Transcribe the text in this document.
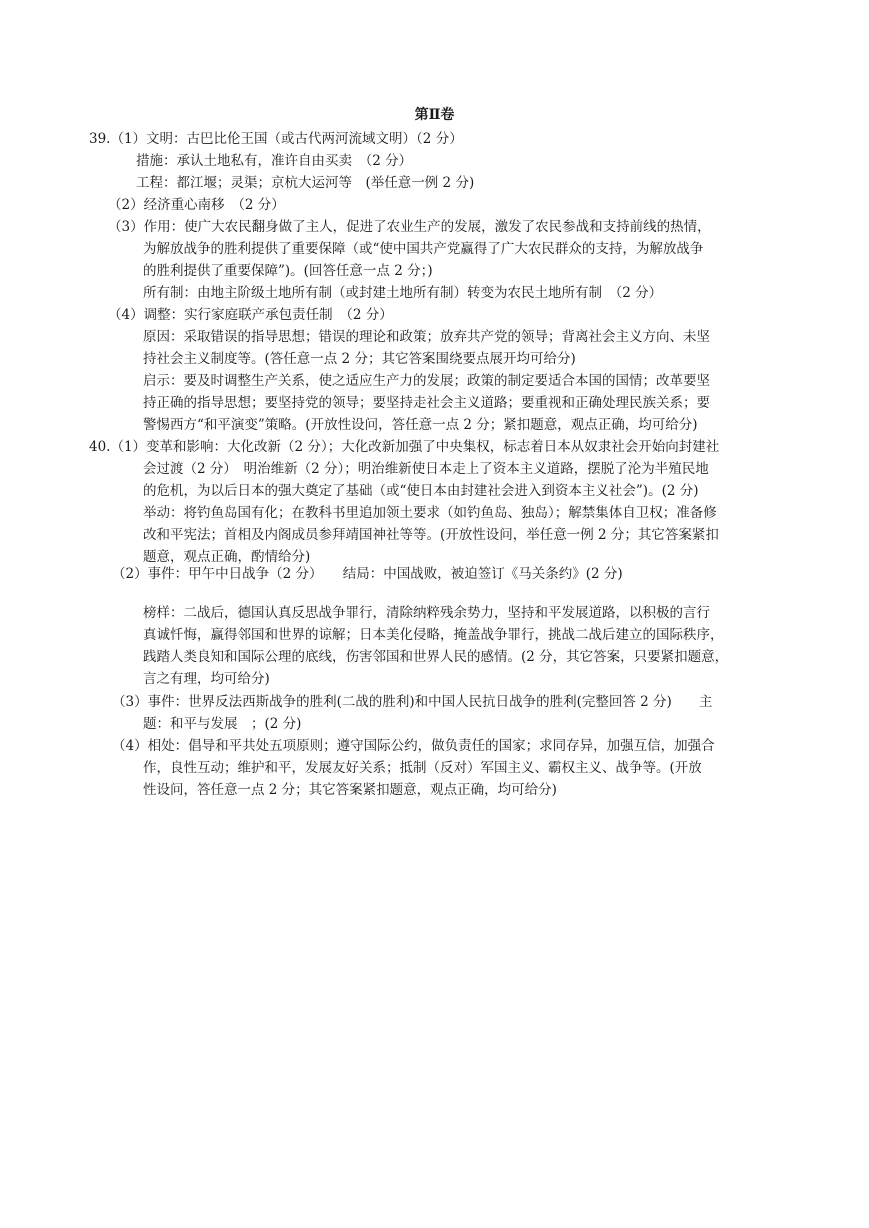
第Ⅱ卷
39.（1）文明：古巴比伦王国（或古代两河流域文明）（2 分）
措施：承认土地私有，准许自由买卖　（2 分）
工程：都江堰；灵渠；京杭大运河等　(举任意一例 2 分)
（2）经济重心南移　（2 分）
（3）作用：使广大农民翻身做了主人，促进了农业生产的发展，激发了农民参战和支持前线的热情，
为解放战争的胜利提供了重要保障（或“使中国共产党赢得了广大农民群众的支持，为解放战争
的胜利提供了重要保障”)。(回答任意一点 2 分；)
所有制：由地主阶级土地所有制（或封建土地所有制）转变为农民土地所有制　（2 分）
（4）调整：实行家庭联产承包责任制　（2 分）
原因：采取错误的指导思想；错误的理论和政策；放弃共产党的领导；背离社会主义方向、未坚
持社会主义制度等。(答任意一点 2 分；其它答案围绕要点展开均可给分)
启示：要及时调整生产关系，使之适应生产力的发展；政策的制定要适合本国的国情；改革要坚
持正确的指导思想；要坚持党的领导；要坚持走社会主义道路；要重视和正确处理民族关系；要
警惕西方“和平演变”策略。(开放性设问，答任意一点 2 分；紧扣题意，观点正确，均可给分)
40.（1）变革和影响：大化改新（2 分）；大化改新加强了中央集权，标志着日本从奴隶社会开始向封建社
会过渡（2 分）　明治维新（2 分）；明治维新使日本走上了资本主义道路，摆脱了沦为半殖民地
的危机，为以后日本的强大奠定了基础（或“使日本由封建社会进入到资本主义社会”)。(2 分)
举动：将钓鱼岛国有化；在教科书里追加领土要求（如钓鱼岛、独岛）；解禁集体自卫权；准备修
改和平宪法；首相及内阁成员参拜靖国神社等等。(开放性设问，举任意一例 2 分；其它答案紧扣
题意，观点正确，酌情给分)
（2）事件：甲午中日战争（2 分）　　结局：中国战败，被迫签订《马关条约》(2 分)
榜样：二战后，德国认真反思战争罪行，清除纳粹残余势力，坚持和平发展道路，以积极的言行
真诚忏悔，赢得邻国和世界的谅解；日本美化侵略，掩盖战争罪行，挑战二战后建立的国际秩序，
践踏人类良知和国际公理的底线，伤害邻国和世界人民的感情。(2 分，其它答案，只要紧扣题意，
言之有理，均可给分)
（3）事件：世界反法西斯战争的胜利(二战的胜利)和中国人民抗日战争的胜利(完整回答 2 分)　　主
题：和平与发展　；(2 分)
（4）相处：倡导和平共处五项原则；遵守国际公约，做负责任的国家；求同存异，加强互信，加强合
作，良性互动；维护和平，发展友好关系；抵制（反对）军国主义、霸权主义、战争等。(开放
性设问，答任意一点 2 分；其它答案紧扣题意，观点正确，均可给分)
